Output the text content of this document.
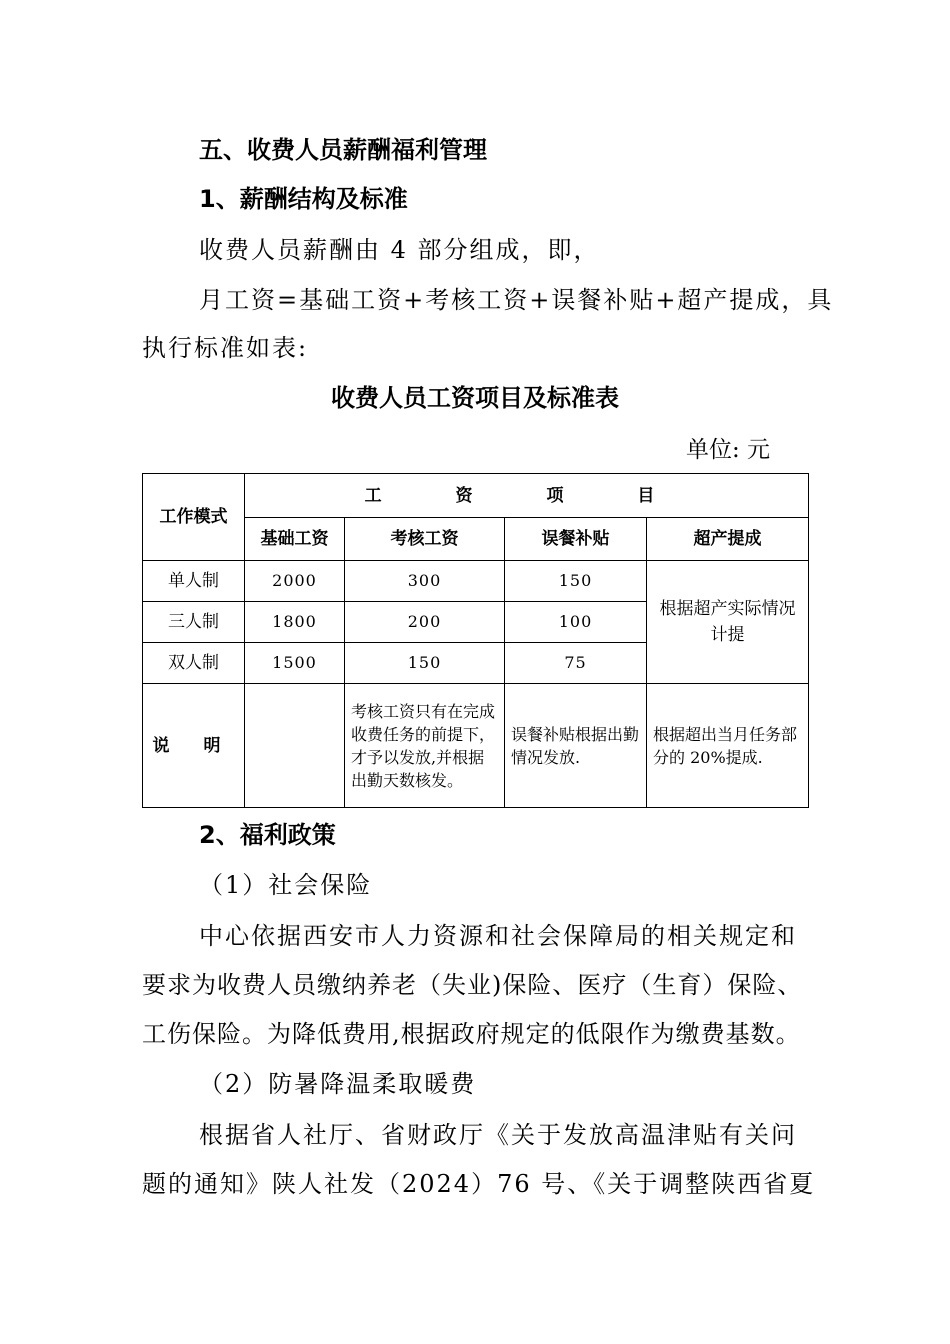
五、收费人员薪酬福利管理
1、薪酬结构及标准
收费人员薪酬由 4 部分组成，即，
月工资=基础工资+考核工资+误餐补贴+超产提成，具
执行标准如表:
收费人员工资项目及标准表
单位: 元
工作模式	工 资 项 目			
	基础工资	考核工资	误餐补贴	超产提成
单人制	2000	300	150	根据超产实际情况计提
三人制	1800	200	100	
双人制	1500	150	75	
说 明		考核工资只有在完成收费任务的前提下，才予以发放,并根据出勤天数核发。	误餐补贴根据出勤情况发放.	根据超出当月任务部分的 20%提成.
2、福利政策
（1）社会保险
中心依据西安市人力资源和社会保障局的相关规定和
要求为收费人员缴纳养老（失业)保险、医疗（生育）保险、
工伤保险。为降低费用,根据政府规定的低限作为缴费基数。
（2）防暑降温柔取暖费
根据省人社厅、省财政厅《关于发放高温津贴有关问
题的通知》陕人社发（2024）76 号、《关于调整陕西省夏
